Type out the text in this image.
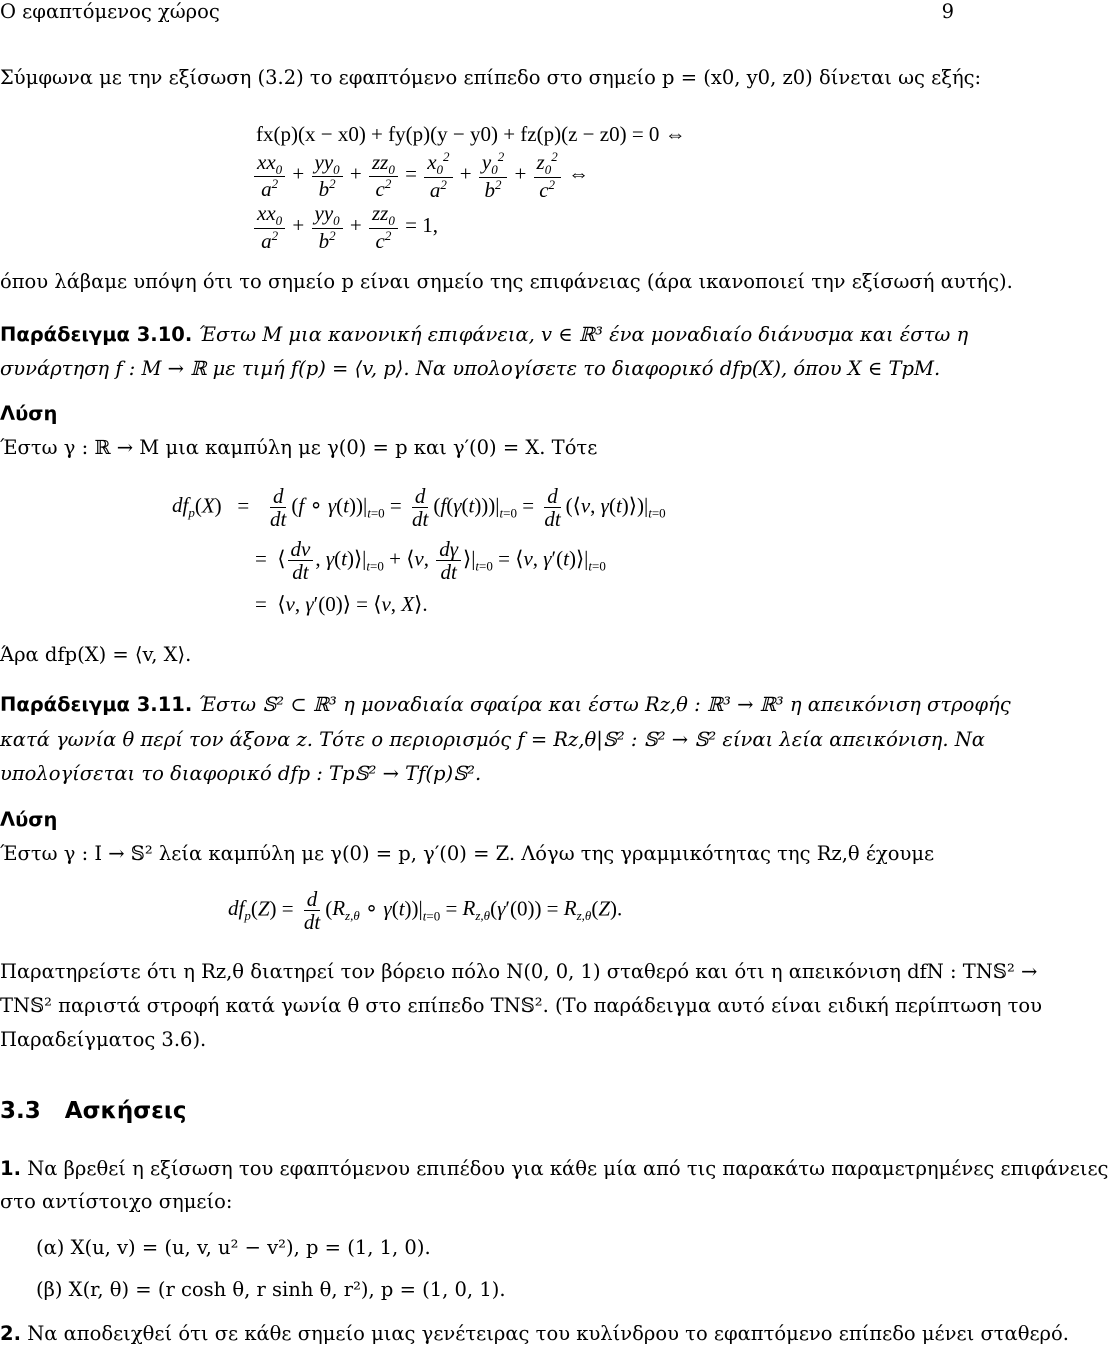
Ο εφαπτόμενος χώρος	9
Σύμφωνα με την εξίσωση (3.2) το εφαπτόμενο επίπεδο στο σημείο p = (x0, y0, z0) δίνεται ως εξής:
fx(p)(x − x0) + fy(p)(y − y0) + fz(p)(z − z0) = 0 ⇔
$\frac{xx_0}{a^2} + \frac{yy_0}{b^2} + \frac{zz_0}{c^2} = \frac{x_0^2}{a^2} + \frac{y_0^2}{b^2} + \frac{z_0^2}{c^2}$ ⇔
$\frac{xx_0}{a^2} + \frac{yy_0}{b^2} + \frac{zz_0}{c^2} = 1$,
όπου λάβαμε υπόψη ότι το σημείο p είναι σημείο της επιφάνειας (άρα ικανοποιεί την εξίσωσή αυτής).
Παράδειγμα 3.10. Έστω M μια κανονική επιφάνεια, v ∈ ℝ³ ένα μοναδιαίο διάνυσμα και έστω η
συνάρτηση f : M → ℝ με τιμή f(p) = ⟨v, p⟩. Να υπολογίσετε το διαφορικό dfp(X), όπου X ∈ TpM.
Λύση
Έστω γ : ℝ → M μια καμπύλη με γ(0) = p και γ′(0) = X. Τότε
$df_p(X) = \frac{d}{dt} (f$ ∘ $\gamma(t))|_{t=0} = \frac{d}{dt} (f(\gamma(t)))|_{t=0} = \frac{d}{dt}$ (⟨v, $\gamma(t)⟩)|_{t=0}$
=  ⟨ $\frac{dv}{dt}$ , $\gamma(t)⟩|_{t=0}$ + ⟨v, $\frac{d\gamma}{dt}$ $⟩|_{t=0}$ = ⟨v, $\gamma'(t)⟩|_{t=0}$
=  ⟨v, γ′(0)⟩ = ⟨v, X⟩.
Άρα dfp(X) = ⟨v, X⟩.
Παράδειγμα 3.11. Έστω 𝕊² ⊂ ℝ³ η μοναδιαία σφαίρα και έστω Rz,θ : ℝ³ → ℝ³ η απεικόνιση στροφής
κατά γωνία θ περί τον άξονα z. Τότε ο περιορισμός f = Rz,θ|𝕊² : 𝕊² → 𝕊² είναι λεία απεικόνιση. Να
υπολογίσεται το διαφορικό dfp : Tp𝕊² → Tf(p)𝕊².
Λύση
Έστω γ : I → 𝕊² λεία καμπύλη με γ(0) = p, γ′(0) = Z. Λόγω της γραμμικότητας της Rz,θ έχουμε
$df_p(Z) = \frac{d}{dt} (R_{z,\theta}$ ∘ $\gamma(t))|_{t=0} = R_{z,\theta}(\gamma'(0)) = R_{z,\theta}(Z)$.
Παρατηρείστε ότι η Rz,θ διατηρεί τον βόρειο πόλο N(0, 0, 1) σταθερό και ότι η απεικόνιση dfN : TN𝕊² →
TN𝕊² παριστά στροφή κατά γωνία θ στο επίπεδο TN𝕊². (Το παράδειγμα αυτό είναι ειδική περίπτωση του
Παραδείγματος 3.6).
3.3 Ασκήσεις
1. Να βρεθεί η εξίσωση του εφαπτόμενου επιπέδου για κάθε μία από τις παρακάτω παραμετρημένες επιφάνειες
στο αντίστοιχο σημείο:
(α) X(u, v) = (u, v, u² − v²), p = (1, 1, 0).
(β) X(r, θ) = (r cosh θ, r sinh θ, r²), p = (1, 0, 1).
2. Να αποδειχθεί ότι σε κάθε σημείο μιας γενέτειρας του κυλίνδρου το εφαπτόμενο επίπεδο μένει σταθερό.
